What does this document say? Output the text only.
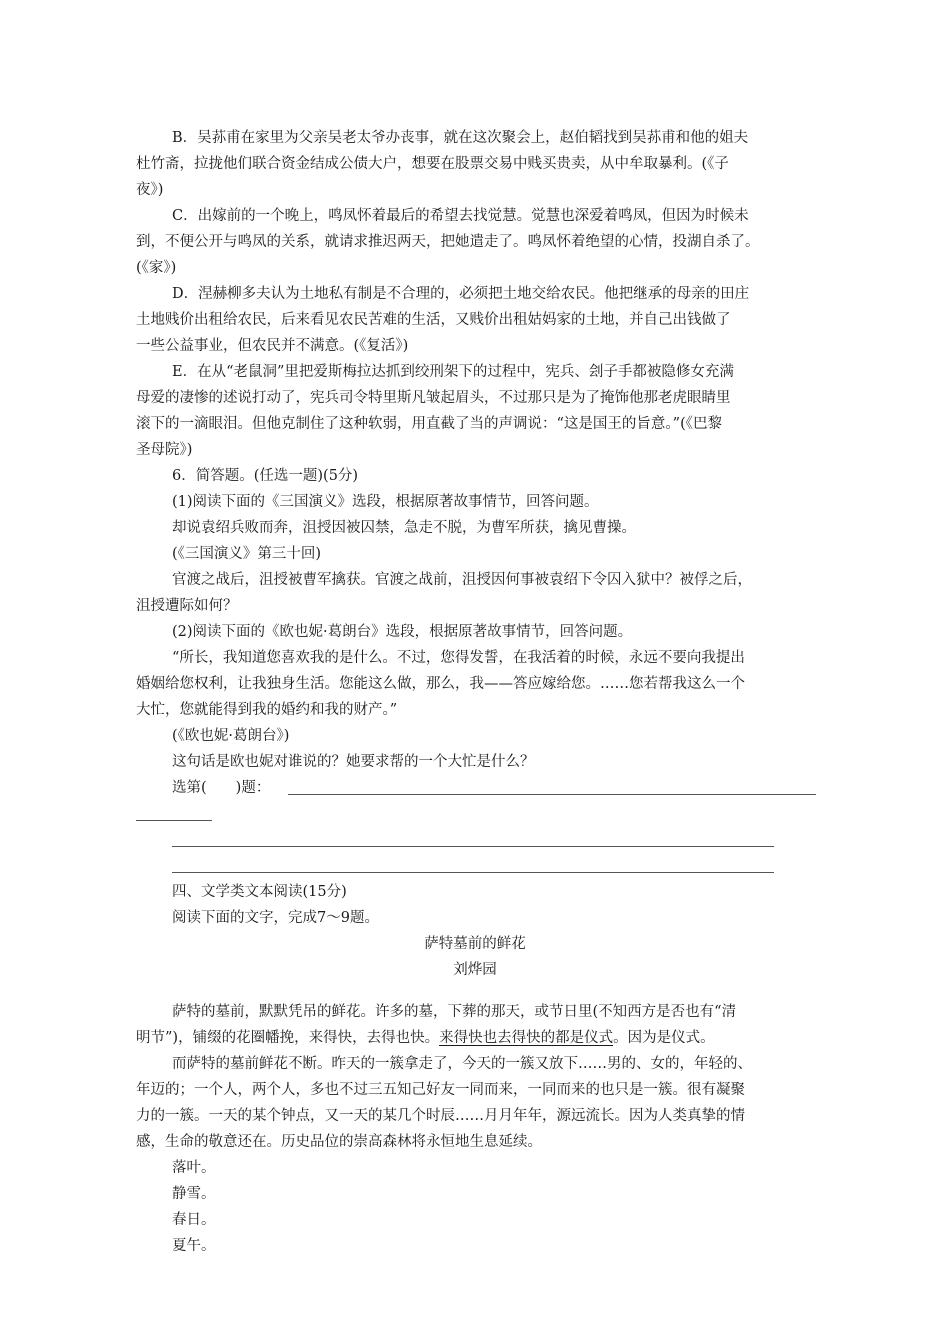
B．吴荪甫在家里为父亲吴老太爷办丧事，就在这次聚会上，赵伯韬找到吴荪甫和他的姐夫
杜竹斋，拉拢他们联合资金结成公债大户，想要在股票交易中贱买贵卖，从中牟取暴利。(《子
夜》)
C．出嫁前的一个晚上，鸣凤怀着最后的希望去找觉慧。觉慧也深爱着鸣凤，但因为时候未
到，不便公开与鸣凤的关系，就请求推迟两天，把她遣走了。鸣凤怀着绝望的心情，投湖自杀了。
(《家》)
D．涅赫柳多夫认为土地私有制是不合理的，必须把土地交给农民。他把继承的母亲的田庄
土地贱价出租给农民，后来看见农民苦难的生活，又贱价出租姑妈家的土地，并自己出钱做了
一些公益事业，但农民并不满意。(《复活》)
E．在从“老鼠洞”里把爱斯梅拉达抓到绞刑架下的过程中，宪兵、刽子手都被隐修女充满
母爱的凄惨的述说打动了，宪兵司令特里斯凡皱起眉头，不过那只是为了掩饰他那老虎眼睛里
滚下的一滴眼泪。但他克制住了这种软弱，用直截了当的声调说：“这是国王的旨意。”(《巴黎
圣母院》)
6．简答题。(任选一题)(5分)
(1)阅读下面的《三国演义》选段，根据原著故事情节，回答问题。
却说袁绍兵败而奔，沮授因被囚禁，急走不脱，为曹军所获，擒见曹操。
(《三国演义》第三十回)
官渡之战后，沮授被曹军擒获。官渡之战前，沮授因何事被袁绍下令囚入狱中？被俘之后，
沮授遭际如何？
(2)阅读下面的《欧也妮·葛朗台》选段，根据原著故事情节，回答问题。
“所长，我知道您喜欢我的是什么。不过，您得发誓，在我活着的时候，永远不要向我提出
婚姻给您权利，让我独身生活。您能这么做，那么，我——答应嫁给您。……您若帮我这么一个
大忙，您就能得到我的婚约和我的财产。”
(《欧也妮·葛朗台》)
这句话是欧也妮对谁说的？她要求帮的一个大忙是什么？
选第(　　)题：
四、文学类文本阅读(15分)
阅读下面的文字，完成7～9题。
萨特墓前的鲜花
刘烨园
萨特的墓前，默默凭吊的鲜花。许多的墓，下葬的那天，或节日里(不知西方是否也有“清
明节”)，铺缀的花圈幡挽，来得快，去得也快。来得快也去得快的都是仪式。因为是仪式。
而萨特的墓前鲜花不断。昨天的一簇拿走了，今天的一簇又放下……男的、女的，年轻的、
年迈的；一个人，两个人，多也不过三五知己好友一同而来，一同而来的也只是一簇。很有凝聚
力的一簇。一天的某个钟点，又一天的某几个时辰……月月年年，源远流长。因为人类真挚的情
感，生命的敬意还在。历史品位的崇高森林将永恒地生息延续。
落叶。
静雪。
春日。
夏午。
